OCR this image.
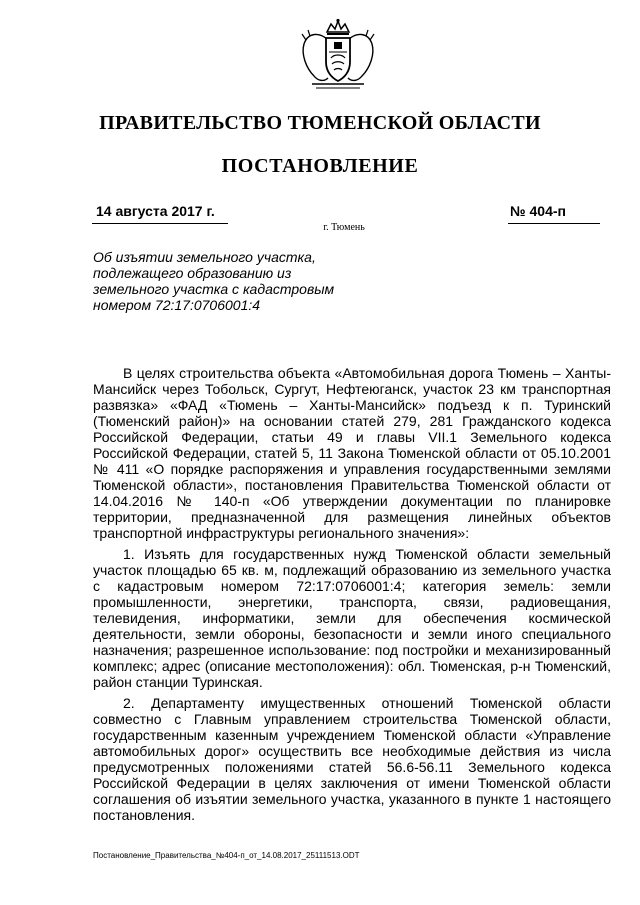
ПРАВИТЕЛЬСТВО ТЮМЕНСКОЙ ОБЛАСТИ
ПОСТАНОВЛЕНИЕ
14 августа 2017 г.	№ 404-п
г. Тюмень
Об изъятии земельного участка, подлежащего образованию из земельного участка с кадастровым номером 72:17:0706001:4

В целях строительства объекта «Автомобильная дорога Тюмень – Ханты-Мансийск через Тобольск, Сургут, Нефтеюганск, участок 23 км транспортная развязка» «ФАД «Тюмень – Ханты-Мансийск» подъезд к п. Туринский (Тюменский район)» на основании статей 279, 281 Гражданского кодекса Российской Федерации, статьи 49 и главы VII.1 Земельного кодекса Российской Федерации, статей 5, 11 Закона Тюменской области от 05.10.2001 № 411 «О порядке распоряжения и управления государственными землями Тюменской области», постановления Правительства Тюменской области от 14.04.2016 № 140-п «Об утверждении документации по планировке территории, предназначенной для размещения линейных объектов транспортной инфраструктуры регионального значения»:

1. Изъять для государственных нужд Тюменской области земельный участок площадью 65 кв. м, подлежащий образованию из земельного участка с кадастровым номером 72:17:0706001:4; категория земель: земли промышленности, энергетики, транспорта, связи, радиовещания, телевидения, информатики, земли для обеспечения космической деятельности, земли обороны, безопасности и земли иного специального назначения; разрешенное использование: под постройки и механизированный комплекс; адрес (описание местоположения): обл. Тюменская, р-н Тюменский, район станции Туринская.

2. Департаменту имущественных отношений Тюменской области совместно с Главным управлением строительства Тюменской области, государственным казенным учреждением Тюменской области «Управление автомобильных дорог» осуществить все необходимые действия из числа предусмотренных положениями статей 56.6-56.11 Земельного кодекса Российской Федерации в целях заключения от имени Тюменской области соглашения об изъятии земельного участка, указанного в пункте 1 настоящего постановления.

Постановление_Правительства_№404-п_от_14.08.2017_25111513.ODT
